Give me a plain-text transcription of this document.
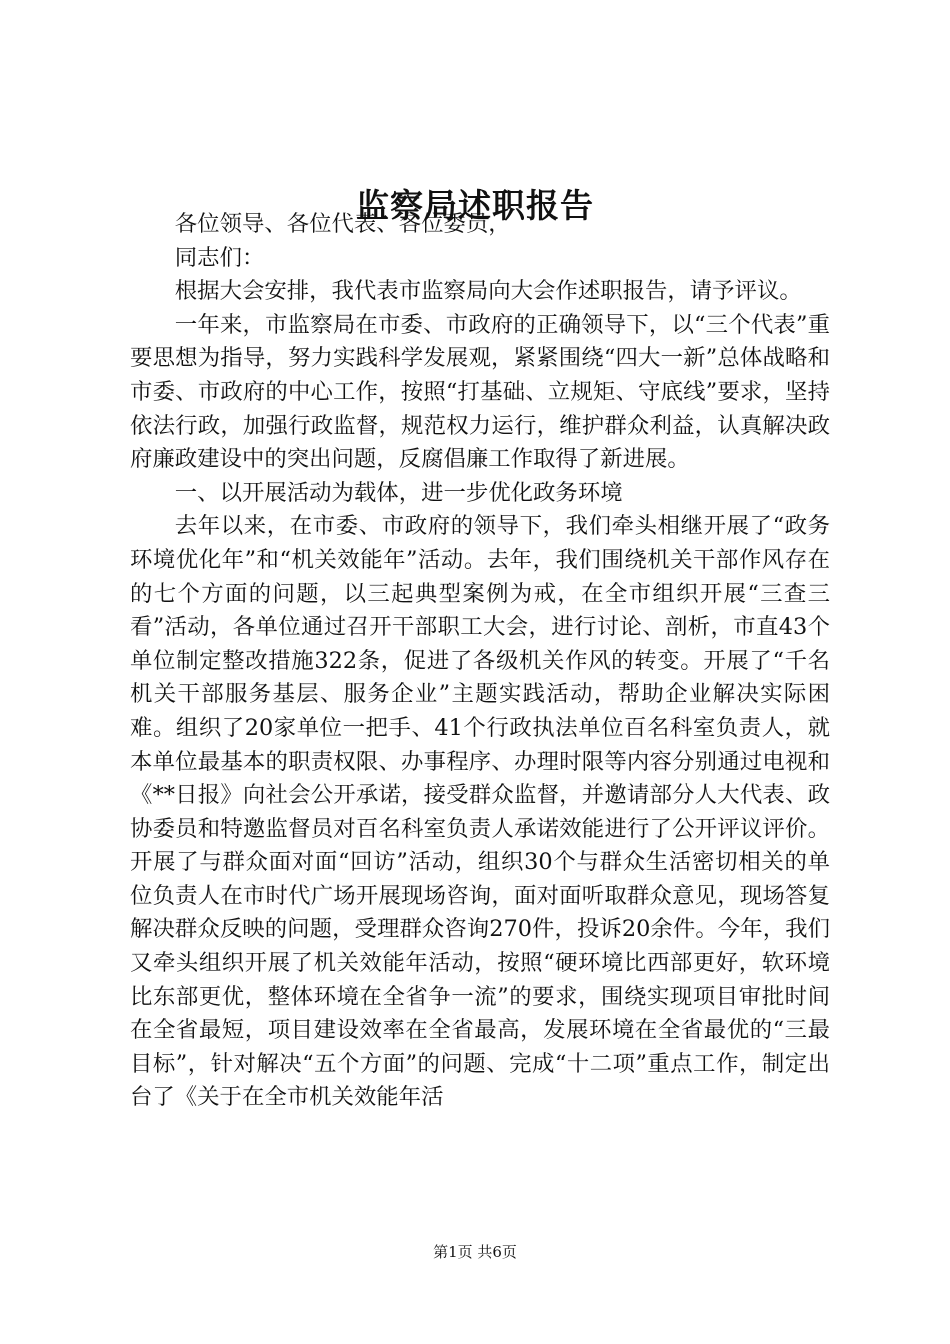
监察局述职报告

各位领导、各位代表、各位委员，

同志们：

根据大会安排，我代表市监察局向大会作述职报告，请予评议。

一年来，市监察局在市委、市政府的正确领导下，以“三个代表”重要思想为指导，努力实践科学发展观，紧紧围绕“四大一新”总体战略和市委、市政府的中心工作，按照“打基础、立规矩、守底线”要求，坚持依法行政，加强行政监督，规范权力运行，维护群众利益，认真解决政府廉政建设中的突出问题，反腐倡廉工作取得了新进展。

一、以开展活动为载体，进一步优化政务环境

去年以来，在市委、市政府的领导下，我们牵头相继开展了“政务环境优化年”和“机关效能年”活动。去年，我们围绕机关干部作风存在的七个方面的问题，以三起典型案例为戒，在全市组织开展“三查三看”活动，各单位通过召开干部职工大会，进行讨论、剖析，市直43个单位制定整改措施322条，促进了各级机关作风的转变。开展了“千名机关干部服务基层、服务企业”主题实践活动，帮助企业解决实际困难。组织了20家单位一把手、41个行政执法单位百名科室负责人，就本单位最基本的职责权限、办事程序、办理时限等内容分别通过电视和《**日报》向社会公开承诺，接受群众监督，并邀请部分人大代表、政协委员和特邀监督员对百名科室负责人承诺效能进行了公开评议评价。开展了与群众面对面“回访”活动，组织30个与群众生活密切相关的单位负责人在市时代广场开展现场咨询，面对面听取群众意见，现场答复解决群众反映的问题，受理群众咨询270件，投诉20余件。今年，我们又牵头组织开展了机关效能年活动，按照“硬环境比西部更好，软环境比东部更优，整体环境在全省争一流”的要求，围绕实现项目审批时间在全省最短，项目建设效率在全省最高，发展环境在全省最优的“三最目标”，针对解决“五个方面”的问题、完成“十二项”重点工作，制定出台了《关于在全市机关效能年活

第1页 共6页
